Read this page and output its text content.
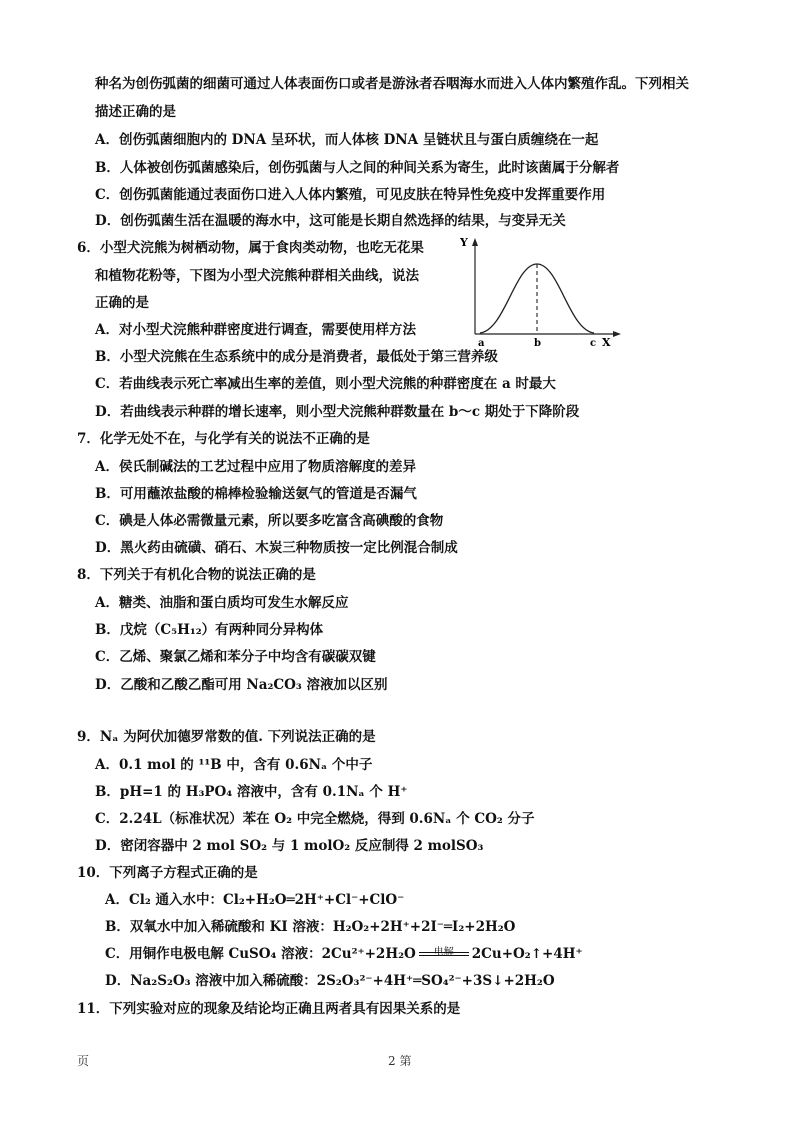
种名为创伤弧菌的细菌可通过人体表面伤口或者是游泳者吞咽海水而进入人体内繁殖作乱。下列相关
描述正确的是
A．创伤弧菌细胞内的 DNA 呈环状，而人体核 DNA 呈链状且与蛋白质缠绕在一起
B．人体被创伤弧菌感染后，创伤弧菌与人之间的种间关系为寄生，此时该菌属于分解者
C．创伤弧菌能通过表面伤口进入人体内繁殖，可见皮肤在特异性免疫中发挥重要作用
D．创伤弧菌生活在温暖的海水中，这可能是长期自然选择的结果，与变异无关
6．小型犬浣熊为树栖动物，属于食肉类动物，也吃无花果
和植物花粉等，下图为小型犬浣熊种群相关曲线，说法
正确的是
A．对小型犬浣熊种群密度进行调查，需要使用样方法
B．小型犬浣熊在生态系统中的成分是消费者，最低处于第三营养级
C．若曲线表示死亡率减出生率的差值，则小型犬浣熊的种群密度在 a 时最大
D．若曲线表示种群的增长速率，则小型犬浣熊种群数量在 b～c 期处于下降阶段
Y
a	b	c X
7．化学无处不在，与化学有关的说法不正确的是
A．侯氏制碱法的工艺过程中应用了物质溶解度的差异
B．可用蘸浓盐酸的棉棒检验输送氨气的管道是否漏气
C．碘是人体必需微量元素，所以要多吃富含高碘酸的食物
D．黑火药由硫磺、硝石、木炭三种物质按一定比例混合制成
8．下列关于有机化合物的说法正确的是
A．糖类、油脂和蛋白质均可发生水解反应
B．戊烷（C₅H₁₂）有两种同分异构体
C．乙烯、聚氯乙烯和苯分子中均含有碳碳双键
D．乙酸和乙酸乙酯可用 Na₂CO₃ 溶液加以区别
9．Nₐ 为阿伏加德罗常数的值. 下列说法正确的是
A．0.1 mol 的 ¹¹B 中，含有 0.6Nₐ 个中子
B．pH=1 的 H₃PO₄ 溶液中，含有 0.1Nₐ 个 H⁺
C．2.24L（标准状况）苯在 O₂ 中完全燃烧，得到 0.6Nₐ 个 CO₂ 分子
D．密闭容器中 2 mol SO₂ 与 1 molO₂ 反应制得 2 molSO₃
10．下列离子方程式正确的是
A．Cl₂ 通入水中：Cl₂+H₂O═2H⁺+Cl⁻+ClO⁻
B．双氧水中加入稀硫酸和 KI 溶液：H₂O₂+2H⁺+2I⁻═I₂+2H₂O
C．用铜作电极电解 CuSO₄ 溶液：2Cu²⁺+2H₂O	电解	2Cu+O₂↑+4H⁺
D．Na₂S₂O₃ 溶液中加入稀硫酸：2S₂O₃²⁻+4H⁺═SO₄²⁻+3S↓+2H₂O
11．下列实验对应的现象及结论均正确且两者具有因果关系的是
页	2 第
